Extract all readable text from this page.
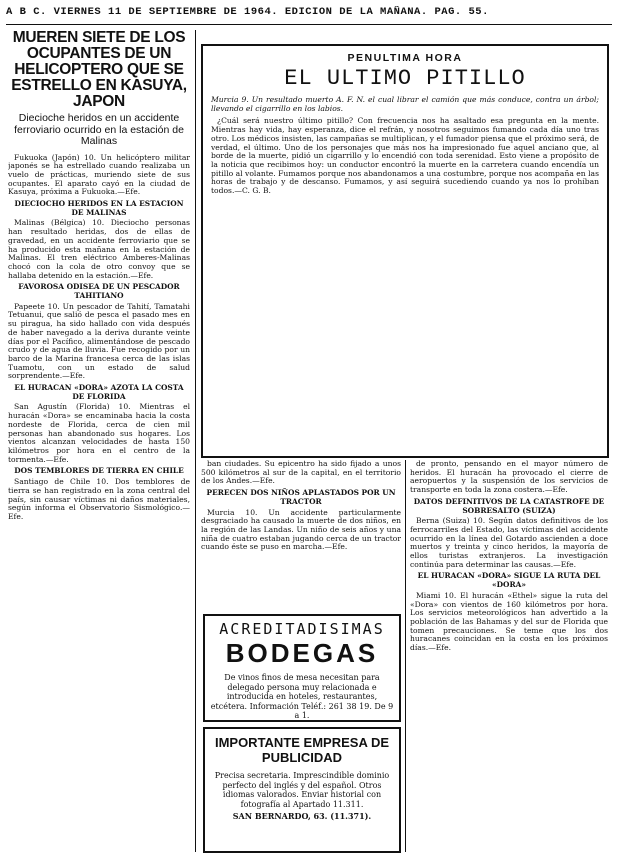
A B C. VIERNES 11 DE SEPTIEMBRE DE 1964. EDICION DE LA MAÑANA. PAG. 55.
MUEREN SIETE DE LOS OCUPANTES DE UN HELICOPTERO QUE SE ESTRELLO EN KASUYA, JAPON
Diecioche heridos en un accidente ferroviario ocurrido en la estación de Malinas

Fukuoka (Japón) 10. Un helicóptero militar japonés se ha estrellado cuando realizaba un vuelo de prácticas, muriendo siete de sus ocupantes. El aparato cayó en la ciudad de Kasuya, próxima a Fukuoka.—Efe.

DIECIOCHO HERIDOS EN LA ESTACION DE MALINAS

Malinas (Bélgica) 10. Dieciocho personas han resultado heridas, dos de ellas de gravedad, en un accidente ferroviario que se ha producido esta mañana en la estación de Malinas. El tren eléctrico Amberes-Malinas chocó con la cola de otro convoy que se hallaba detenido en la estación.—Efe.

FAVOROSA ODISEA DE UN PESCADOR TAHITIANO

Papeete 10. Un pescador de Tahití, Tamatahi Tetuanui, que salió de pesca el pasado mes en su piragua, ha sido hallado con vida después de haber navegado a la deriva durante veinte días por el Pacífico, alimentándose de pescado crudo y de agua de lluvia. Fue recogido por un barco de la Marina francesa cerca de las islas Tuamotu, con un estado de salud sorprendente.—Efe.

EL HURACAN «DORA» AZOTA LA COSTA DE FLORIDA

San Agustín (Florida) 10. Mientras el huracán «Dora» se encaminaba hacia la costa nordeste de Florida, cerca de cien mil personas han abandonado sus hogares. Los vientos alcanzan velocidades de hasta 150 kilómetros por hora en el centro de la tormenta.—Efe.

DOS TEMBLORES DE TIERRA EN CHILE

Santiago de Chile 10. Dos temblores de tierra se han registrado en la zona central del país, sin causar víctimas ni daños materiales, según informa el Observatorio Sismológico.—Efe.

PENULTIMA HORA
EL ULTIMO PITILLO
Murcia 9. Un resultado muerto A. F. N. el cual librar el camión que más conduce, contra un árbol; llevando el cigarrillo en los labios.

¿Cuál será nuestro último pitillo? Con frecuencia nos ha asaltado esa pregunta en la mente. Mientras hay vida, hay esperanza, dice el refrán, y nosotros seguimos fumando cada día uno tras otro. Los médicos insisten, las campañas se multiplican, y el fumador piensa que el próximo será, de verdad, el último. Uno de los personajes que más nos ha impresionado fue aquel anciano que, al borde de la muerte, pidió un cigarrillo y lo encendió con toda serenidad. Esto viene a propósito de la noticia que recibimos hoy: un conductor encontró la muerte en la carretera cuando encendía un pitillo al volante. Fumamos porque nos abandonamos a una costumbre, porque nos acompaña en las horas de trabajo y de descanso. Fumamos, y así seguirá sucediendo cuando ya nos lo prohíban todos.—C. G. B.

ban ciudades. Su epicentro ha sido fijado a unos 500 kilómetros al sur de la capital, en el territorio de los Andes.—Efe.

PERECEN DOS NIÑOS APLASTADOS POR UN TRACTOR

Murcia 10. Un accidente particularmente desgraciado ha causado la muerte de dos niños, en la región de las Landas. Un niño de seis años y una niña de cuatro estaban jugando cerca de un tractor cuando éste se puso en marcha.—Efe.

ACREDITADISIMAS
BODEGAS
De vinos finos de mesa necesitan para delegado persona muy relacionada e introducida en hoteles, restaurantes, etcétera. Información Teléf.: 261 38 19. De 9 a 1.
IMPORTANTE EMPRESA DE PUBLICIDAD
Precisa secretaria. Imprescindible dominio perfecto del inglés y del español. Otros idiomas valorados. Enviar historial con fotografía al Apartado 11.311.
SAN BERNARDO, 63. (11.371).

de pronto, pensando en el mayor número de heridos. El huracán ha provocado el cierre de aeropuertos y la suspensión de los servicios de transporte en toda la zona costera.—Efe.

DATOS DEFINITIVOS DE LA CATASTROFE DE SOBRESALTO (SUIZA)

Berna (Suiza) 10. Según datos definitivos de los ferrocarriles del Estado, las víctimas del accidente ocurrido en la línea del Gotardo ascienden a doce muertos y treinta y cinco heridos, la mayoría de ellos turistas extranjeros. La investigación continúa para determinar las causas.—Efe.

EL HURACAN «DORA» SIGUE LA RUTA DEL «DORA»

Miami 10. El huracán «Ethel» sigue la ruta del «Dora» con vientos de 160 kilómetros por hora. Los servicios meteorológicos han advertido a la población de las Bahamas y del sur de Florida que tomen precauciones. Se teme que los dos huracanes coincidan en la costa en los próximos días.—Efe.
